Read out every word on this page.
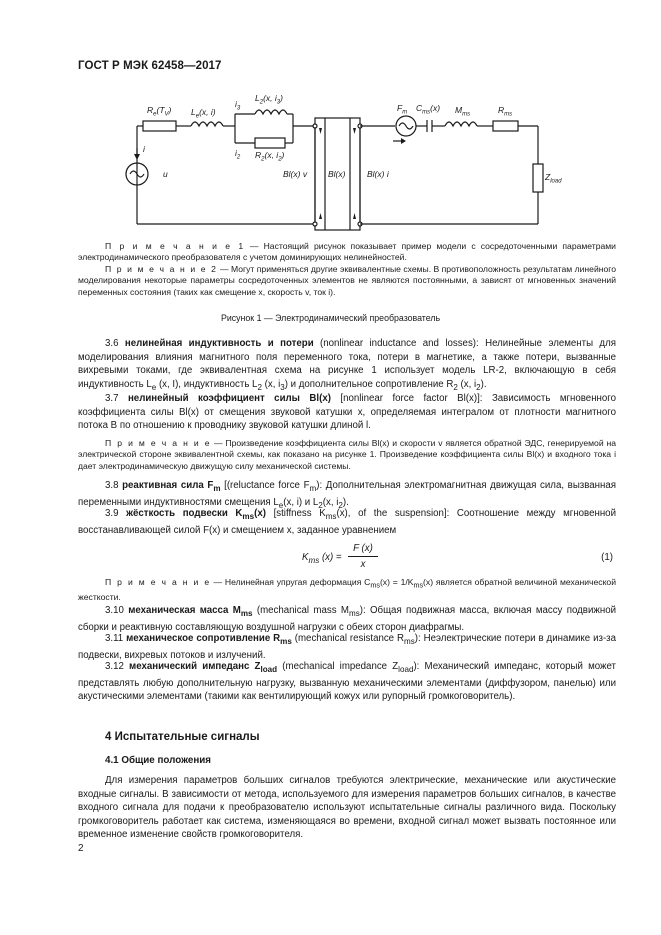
ГОСТ Р МЭК 62458—2017
$R_e(T_V)$ $L_e(x$, i)
$L_2(x$, $i_3$)
$i_3$
$i_2$ $R_2(x$, $i_2$)
i
u	Bl(x) v Bl(x)	Bl(x) i
$F_m$ $C_{ms}(x)$ $M_{ms}$	$R_{ms}$
$Z_{load}$
П р и м е ч а н и е 1 — Настоящий рисунок показывает пример модели с сосредоточенными параметрами электродинамического преобразователя с учетом доминирующих нелинейностей.
П р и м е ч а н и е 2 — Могут применяться другие эквивалентные схемы. В противоположность результатам линейного моделирования некоторые параметры сосредоточенных элементов не являются постоянными, а зависят от мгновенных значений переменных состояния (таких как смещение x, скорость v, ток i).
Рисунок 1 — Электродинамический преобразователь
3.6 нелинейная индуктивность и потери (nonlinear inductance and losses): Нелинейные элементы для моделирования влияния магнитного поля переменного тока, потери в магнетике, а также потери, вызванные вихревыми токами, где эквивалентная схема на рисунке 1 использует модель LR-2, включающую в себя индуктивность $L_e$ (x, I), индуктивность $L_2$ (x, $i_3$) и дополнительное сопротивление $R_2$ (x, $i_2$).
3.7 нелинейный коэффициент силы Bl(x) [nonlinear force factor Bl(x)]: Зависимость мгновенного коэффициента силы Bl(x) от смещения звуковой катушки x, определяемая интегралом от плотности магнитного потока B по отношению к проводнику звуковой катушки длиной l.
П р и м е ч а н и е — Произведение коэффициента силы Bl(x) и скорости v является обратной ЭДС, генерируемой на электрической стороне эквивалентной схемы, как показано на рисунке 1. Произведение коэффициента силы Bl(x) и входного тока i дает электродинамическую движущую силу механической системы.
3.8 реактивная сила $F_m$ [(reluctance force $F_m$): Дополнительная электромагнитная движущая сила, вызванная переменными индуктивностями смещения $L_e(x$, i) и $L_2(x$, $i_2$).
3.9 жёсткость подвески $K_{ms}(x)$ [stiffness $K_{ms}(x)$, of the suspension]: Соотношение между мгновенной восстанавливающей силой F(x) и смещением x, заданное уравнением
$K_{ms}$ (x) =
F (x)
x
(1)
П р и м е ч а н и е — Нелинейная упругая деформация $C_{ms}(x) = 1/K_{ms}(x)$ является обратной величиной механической жесткости.
3.10 механическая масса $M_{ms}$ (mechanical mass $M_{ms}$): Общая подвижная масса, включая массу подвижной сборки и реактивную составляющую воздушной нагрузки с обеих сторон диафрагмы.
3.11 механическое сопротивление $R_{ms}$ (mechanical resistance $R_{ms}$): Неэлектрические потери в динамике из-за подвески, вихревых потоков и излучений.
3.12 механический импеданс $Z_{load}$ (mechanical impedance $Z_{load}$): Механический импеданс, который может представлять любую дополнительную нагрузку, вызванную механическими элементами (диффузором, панелью) или акустическими элементами (такими как вентилирующий кожух или рупорный громкоговоритель).
4 Испытательные сигналы
4.1 Общие положения
Для измерения параметров больших сигналов требуются электрические, механические или акустические входные сигналы. В зависимости от метода, используемого для измерения параметров больших сигналов, в качестве входного сигнала для подачи к преобразователю используют испытательные сигналы различного вида. Поскольку громкоговоритель работает как система, изменяющаяся во времени, входной сигнал может вызвать постоянное или временное изменение свойств громкоговорителя.
2
